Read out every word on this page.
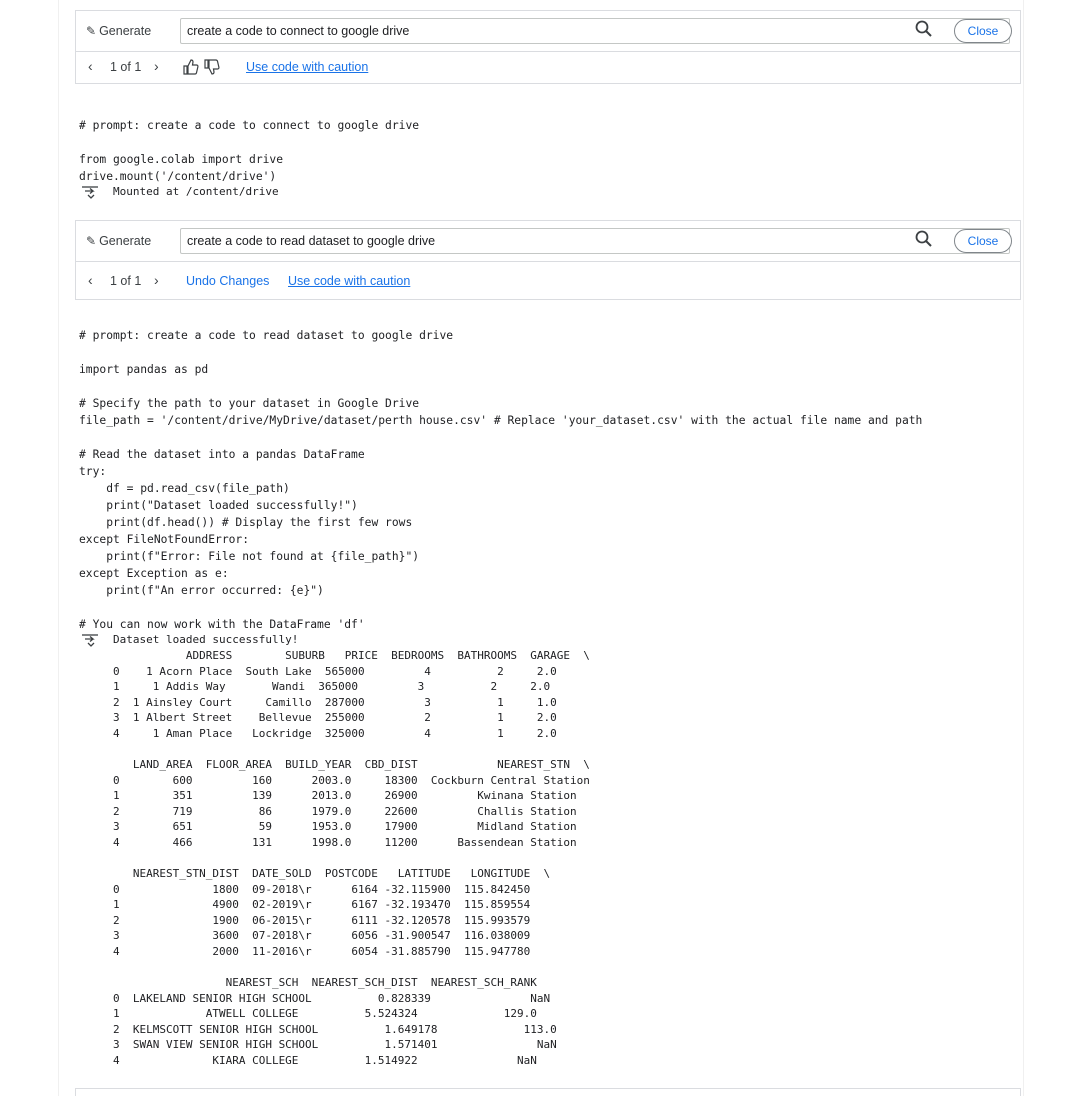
✎ Generate	create a code to connect to google drive	Close
‹ 1 of 1 ›	Use code with caution

# prompt: create a code to connect to google drive

from google.colab import drive
drive.mount('/content/drive')
Mounted at /content/drive
✎ Generate	create a code to read dataset to google drive	Close
‹ 1 of 1 › Undo Changes Use code with caution

# prompt: create a code to read dataset to google drive

import pandas as pd

# Specify the path to your dataset in Google Drive
file_path = '/content/drive/MyDrive/dataset/perth house.csv' # Replace 'your_dataset.csv' with the actual file name and path

# Read the dataset into a pandas DataFrame
try:
df = pd.read_csv(file_path)
print("Dataset loaded successfully!")
print(df.head()) # Display the first few rows
except FileNotFoundError:
print(f"Error: File not found at {file_path}")
except Exception as e:
print(f"An error occurred: {e}")

# You can now work with the DataFrame 'df'
Dataset loaded successfully!
ADDRESS        SUBURB   PRICE  BEDROOMS  BATHROOMS  GARAGE  \
0    1 Acorn Place  South Lake  565000         4          2     2.0
1     1 Addis Way       Wandi  365000         3          2     2.0
2  1 Ainsley Court     Camillo  287000         3          1     1.0
3  1 Albert Street    Bellevue  255000         2          1     2.0
4     1 Aman Place   Lockridge  325000         4          1     2.0
LAND_AREA  FLOOR_AREA  BUILD_YEAR  CBD_DIST            NEAREST_STN  \
0        600         160      2003.0     18300  Cockburn Central Station
1        351         139      2013.0     26900         Kwinana Station
2        719          86      1979.0     22600         Challis Station
3        651          59      1953.0     17900         Midland Station
4        466         131      1998.0     11200      Bassendean Station
NEAREST_STN_DIST  DATE_SOLD  POSTCODE   LATITUDE   LONGITUDE  \
0              1800  09-2018\r      6164 -32.115900  115.842450
1              4900  02-2019\r      6167 -32.193470  115.859554
2              1900  06-2015\r      6111 -32.120578  115.993579
3              3600  07-2018\r      6056 -31.900547  116.038009
4              2000  11-2016\r      6054 -31.885790  115.947780
NEAREST_SCH  NEAREST_SCH_DIST  NEAREST_SCH_RANK
0  LAKELAND SENIOR HIGH SCHOOL          0.828339               NaN
1             ATWELL COLLEGE          5.524324             129.0
2  KELMSCOTT SENIOR HIGH SCHOOL          1.649178             113.0
3  SWAN VIEW SENIOR HIGH SCHOOL          1.571401               NaN
4              KIARA COLLEGE          1.514922               NaN
